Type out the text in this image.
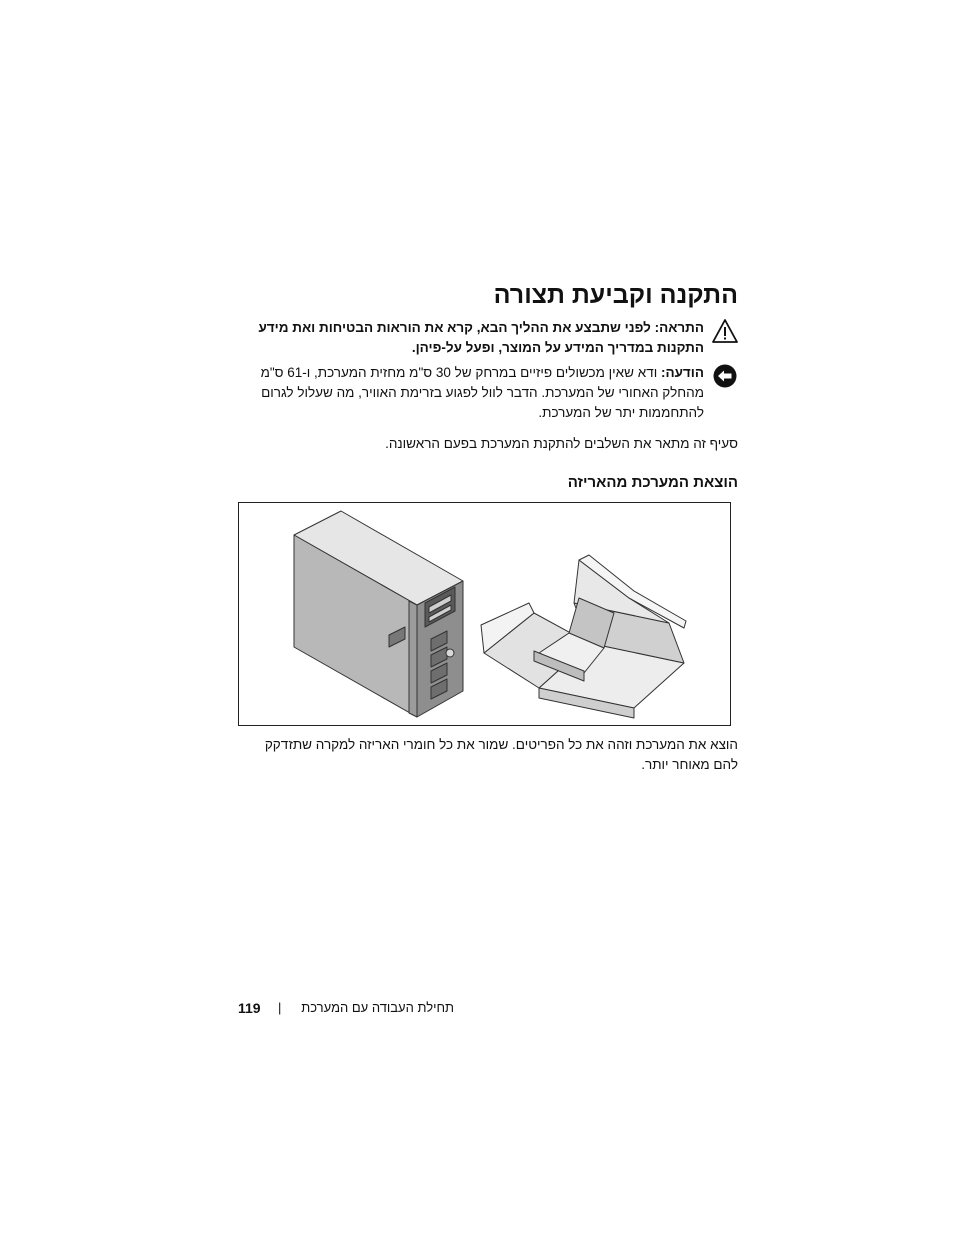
התקנה וקביעת תצורה
התראה: לפני שתבצע את ההליך הבא, קרא את הוראות הבטיחות ואת מידע התקנות במדריך המידע על המוצר, ופעל על-פיהן.
הודעה: ודא שאין מכשולים פיזיים במרחק של 30 ס"מ מחזית המערכת, ו-61 ס"מ מהחלק האחורי של המערכת. הדבר לוול לפגוע בזרימת האוויר, מה שעלול לגרום להתחממות יתר של המערכת.

סעיף זה מתאר את השלבים להתקנת המערכת בפעם הראשונה.

הוצאת המערכת מהאריזה

הוצא את המערכת וזהה את כל הפריטים. שמור את כל חומרי האריזה למקרה שתזדקק להם מאוחר יותר.

119 | תחילת העבודה עם המערכת
